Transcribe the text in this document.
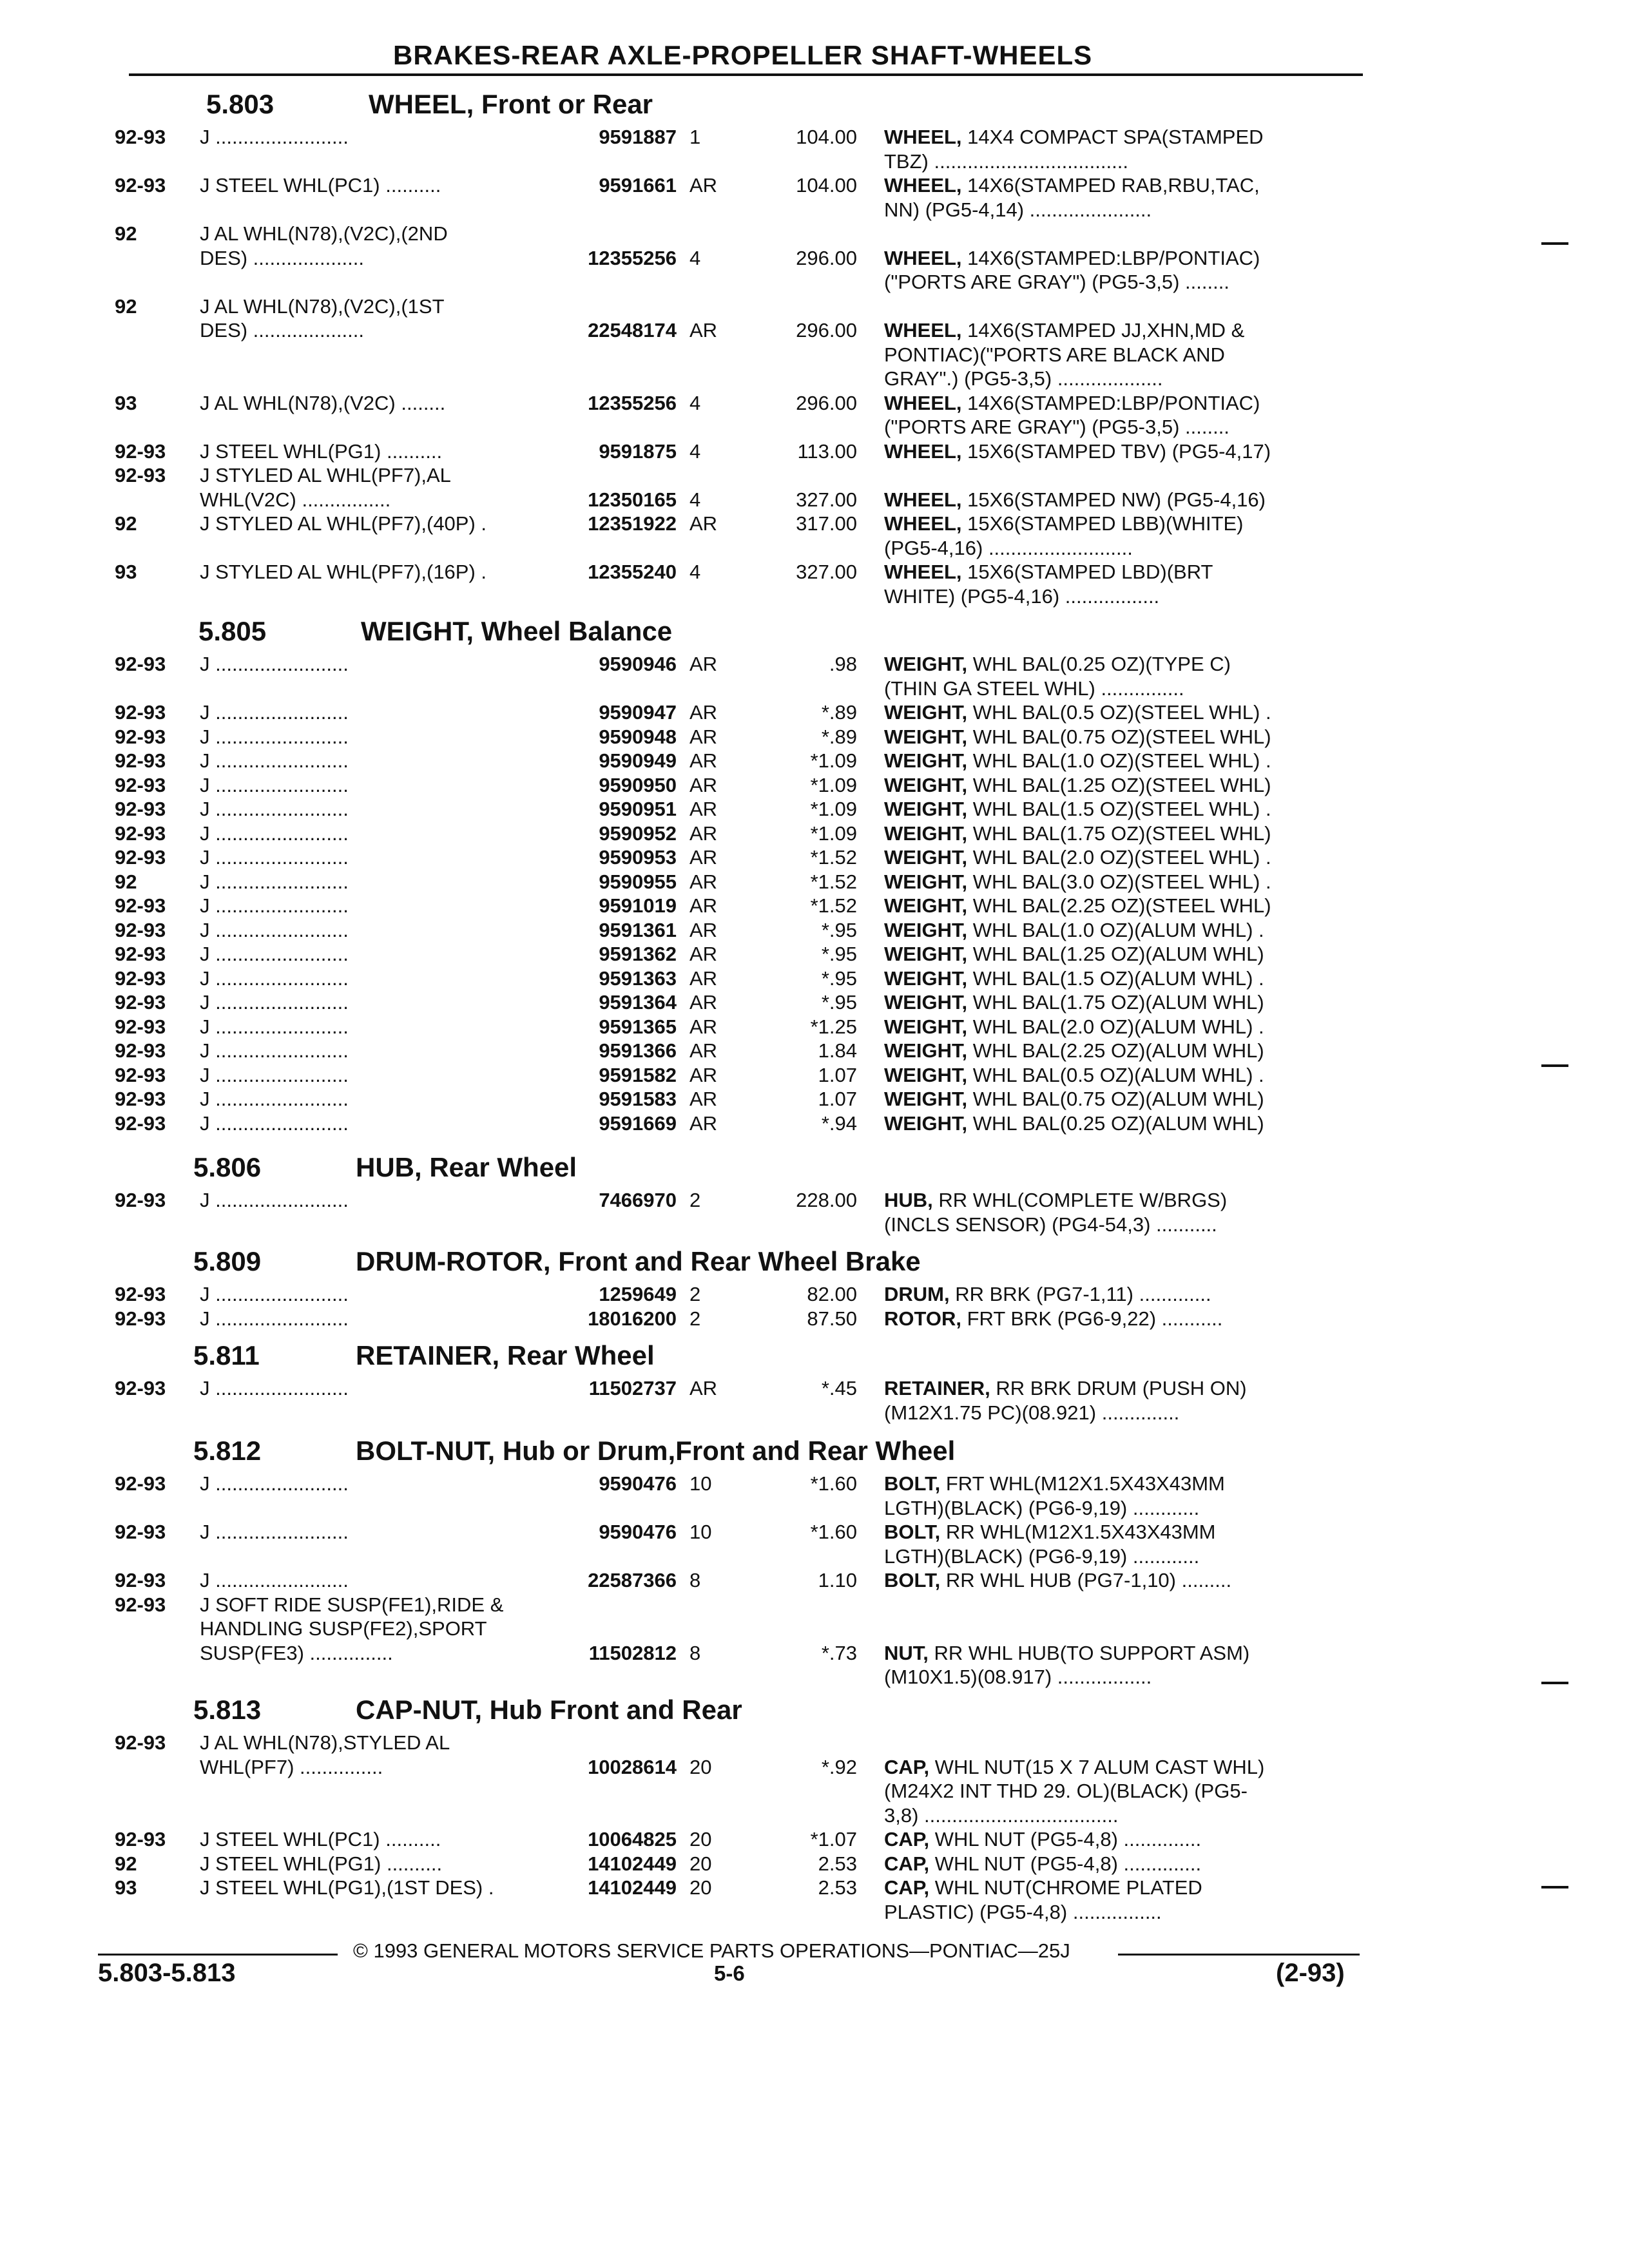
BRAKES-REAR AXLE-PROPELLER SHAFT-WHEELS
5.803	WHEEL, Front or Rear
92-93 J ........................	9591887 1	104.00 WHEEL, 14X4 COMPACT SPA(STAMPED
TBZ) ...................................
92-93 J STEEL WHL(PC1) ..........	9591661 AR	104.00 WHEEL, 14X6(STAMPED RAB,RBU,TAC,
NN) (PG5-4,14) ......................
92	J AL WHL(N78),(V2C),(2ND
DES) ....................	12355256 4	296.00 WHEEL, 14X6(STAMPED:LBP/PONTIAC)
("PORTS ARE GRAY") (PG5-3,5) ........
92	J AL WHL(N78),(V2C),(1ST
DES) ....................	22548174 AR	296.00 WHEEL, 14X6(STAMPED JJ,XHN,MD &
PONTIAC)("PORTS ARE BLACK AND
GRAY".) (PG5-3,5) ...................
93	J AL WHL(N78),(V2C) ........	12355256 4	296.00 WHEEL, 14X6(STAMPED:LBP/PONTIAC)
("PORTS ARE GRAY") (PG5-3,5) ........
92-93 J STEEL WHL(PG1) ..........	9591875 4	113.00 WHEEL, 15X6(STAMPED TBV) (PG5-4,17)
92-93 J STYLED AL WHL(PF7),AL
WHL(V2C) ................	12350165 4	327.00 WHEEL, 15X6(STAMPED NW) (PG5-4,16)
92	J STYLED AL WHL(PF7),(40P) .	12351922 AR	317.00 WHEEL, 15X6(STAMPED LBB)(WHITE)
(PG5-4,16) ..........................
93	J STYLED AL WHL(PF7),(16P) .	12355240 4	327.00 WHEEL, 15X6(STAMPED LBD)(BRT
WHITE) (PG5-4,16) .................
5.805	WEIGHT, Wheel Balance
92-93 J ........................	9590946 AR	.98 WEIGHT, WHL BAL(0.25 OZ)(TYPE C)
(THIN GA STEEL WHL) ...............
92-93 J ........................	9590947 AR	*.89 WEIGHT, WHL BAL(0.5 OZ)(STEEL WHL) .
92-93 J ........................	9590948 AR	*.89 WEIGHT, WHL BAL(0.75 OZ)(STEEL WHL)
92-93 J ........................	9590949 AR	*1.09 WEIGHT, WHL BAL(1.0 OZ)(STEEL WHL) .
92-93 J ........................	9590950 AR	*1.09 WEIGHT, WHL BAL(1.25 OZ)(STEEL WHL)
92-93 J ........................	9590951 AR	*1.09 WEIGHT, WHL BAL(1.5 OZ)(STEEL WHL) .
92-93 J ........................	9590952 AR	*1.09 WEIGHT, WHL BAL(1.75 OZ)(STEEL WHL)
92-93 J ........................	9590953 AR	*1.52 WEIGHT, WHL BAL(2.0 OZ)(STEEL WHL) .
92	J ........................	9590955 AR	*1.52 WEIGHT, WHL BAL(3.0 OZ)(STEEL WHL) .
92-93 J ........................	9591019 AR	*1.52 WEIGHT, WHL BAL(2.25 OZ)(STEEL WHL)
92-93 J ........................	9591361 AR	*.95 WEIGHT, WHL BAL(1.0 OZ)(ALUM WHL) .
92-93 J ........................	9591362 AR	*.95 WEIGHT, WHL BAL(1.25 OZ)(ALUM WHL)
92-93 J ........................	9591363 AR	*.95 WEIGHT, WHL BAL(1.5 OZ)(ALUM WHL) .
92-93 J ........................	9591364 AR	*.95 WEIGHT, WHL BAL(1.75 OZ)(ALUM WHL)
92-93 J ........................	9591365 AR	*1.25 WEIGHT, WHL BAL(2.0 OZ)(ALUM WHL) .
92-93 J ........................	9591366 AR	1.84 WEIGHT, WHL BAL(2.25 OZ)(ALUM WHL)
92-93 J ........................	9591582 AR	1.07 WEIGHT, WHL BAL(0.5 OZ)(ALUM WHL) .
92-93 J ........................	9591583 AR	1.07 WEIGHT, WHL BAL(0.75 OZ)(ALUM WHL)
92-93 J ........................	9591669 AR	*.94 WEIGHT, WHL BAL(0.25 OZ)(ALUM WHL)
5.806	HUB, Rear Wheel
92-93 J ........................	7466970 2	228.00 HUB, RR WHL(COMPLETE W/BRGS)
(INCLS SENSOR) (PG4-54,3) ...........
5.809	DRUM-ROTOR, Front and Rear Wheel Brake
92-93 J ........................	1259649 2	82.00 DRUM, RR BRK (PG7-1,11) .............
92-93 J ........................	18016200 2	87.50 ROTOR, FRT BRK (PG6-9,22) ...........
5.811	RETAINER, Rear Wheel
92-93 J ........................	11502737 AR	*.45 RETAINER, RR BRK DRUM (PUSH ON)
(M12X1.75 PC)(08.921) ..............
5.812	BOLT-NUT, Hub or Drum,Front and Rear Wheel
92-93 J ........................	9590476 10	*1.60 BOLT, FRT WHL(M12X1.5X43X43MM
LGTH)(BLACK) (PG6-9,19) ............
92-93 J ........................	9590476 10	*1.60 BOLT, RR WHL(M12X1.5X43X43MM
LGTH)(BLACK) (PG6-9,19) ............
92-93 J ........................	22587366 8	1.10 BOLT, RR WHL HUB (PG7-1,10) .........
92-93 J SOFT RIDE SUSP(FE1),RIDE &
HANDLING SUSP(FE2),SPORT
SUSP(FE3) ...............	11502812 8	*.73 NUT, RR WHL HUB(TO SUPPORT ASM)
(M10X1.5)(08.917) .................
5.813	CAP-NUT, Hub Front and Rear
92-93 J AL WHL(N78),STYLED AL
WHL(PF7) ...............	10028614 20	*.92 CAP, WHL NUT(15 X 7 ALUM CAST WHL)
(M24X2 INT THD 29. OL)(BLACK) (PG5-
3,8) ...................................
92-93 J STEEL WHL(PC1) ..........	10064825 20	*1.07 CAP, WHL NUT (PG5-4,8) ..............
92	J STEEL WHL(PG1) ..........	14102449 20	2.53 CAP, WHL NUT (PG5-4,8) ..............
93	J STEEL WHL(PG1),(1ST DES) .	14102449 20	2.53 CAP, WHL NUT(CHROME PLATED
PLASTIC) (PG5-4,8) ................
© 1993 GENERAL MOTORS SERVICE PARTS OPERATIONS—PONTIAC—25J
5.803-5.813	5-6	(2-93)
